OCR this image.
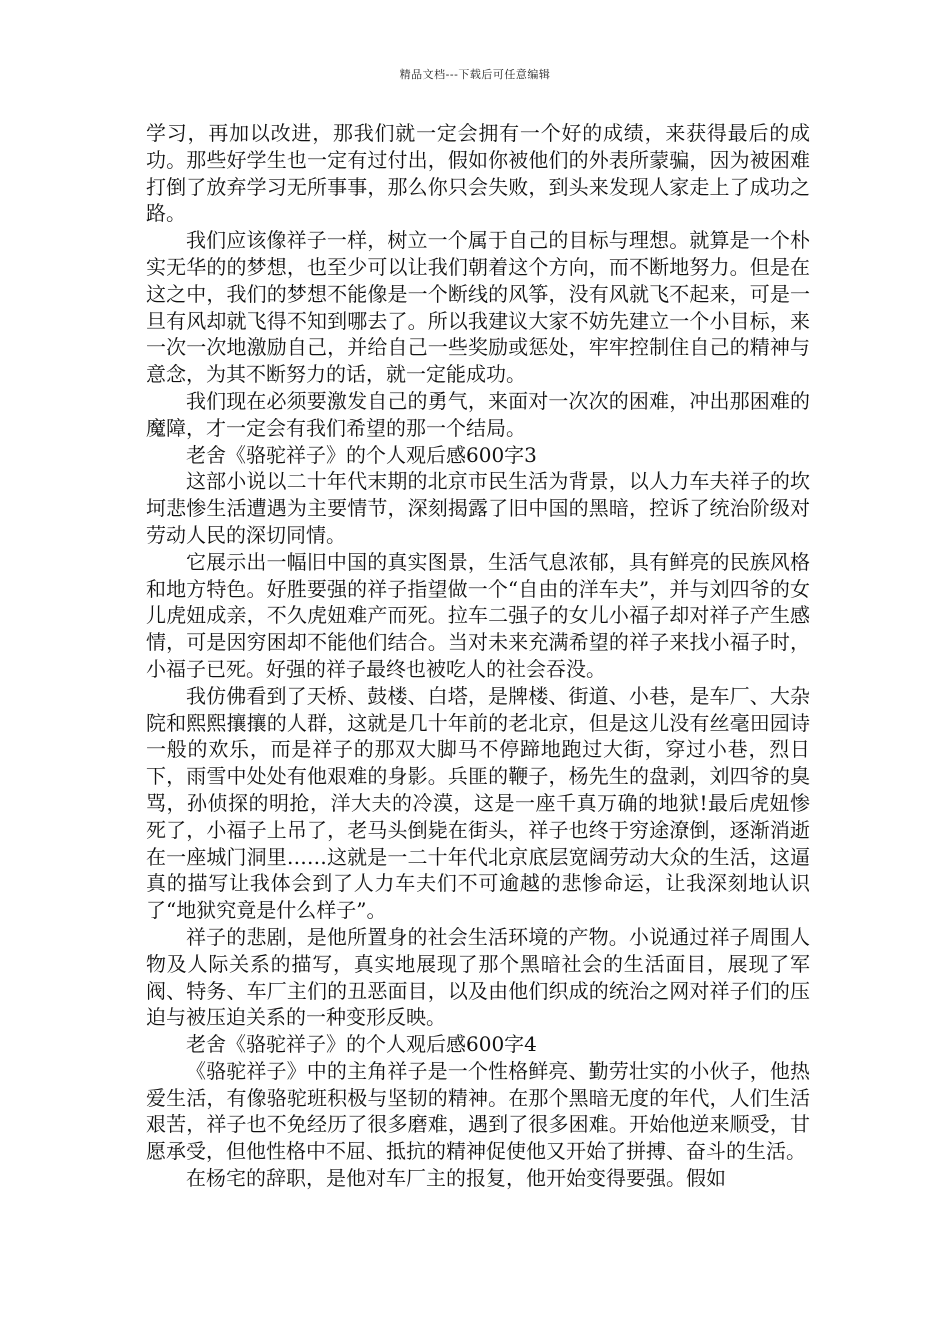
精品文档---下载后可任意编辑

学习，再加以改进，那我们就一定会拥有一个好的成绩，来获得最后的成功。那些好学生也一定有过付出，假如你被他们的外表所蒙骗，因为被困难打倒了放弃学习无所事事，那么你只会失败，到头来发现人家走上了成功之路。

我们应该像祥子一样，树立一个属于自己的目标与理想。就算是一个朴实无华的的梦想，也至少可以让我们朝着这个方向，而不断地努力。但是在这之中，我们的梦想不能像是一个断线的风筝，没有风就飞不起来，可是一旦有风却就飞得不知到哪去了。所以我建议大家不妨先建立一个小目标，来一次一次地激励自己，并给自己一些奖励或惩处，牢牢控制住自己的精神与意念，为其不断努力的话，就一定能成功。

我们现在必须要激发自己的勇气，来面对一次次的困难，冲出那困难的魔障，才一定会有我们希望的那一个结局。

老舍《骆驼祥子》的个人观后感600字3

这部小说以二十年代末期的北京市民生活为背景，以人力车夫祥子的坎坷悲惨生活遭遇为主要情节，深刻揭露了旧中国的黑暗，控诉了统治阶级对劳动人民的深切同情。

它展示出一幅旧中国的真实图景，生活气息浓郁，具有鲜亮的民族风格和地方特色。好胜要强的祥子指望做一个“自由的洋车夫”，并与刘四爷的女儿虎妞成亲，不久虎妞难产而死。拉车二强子的女儿小福子却对祥子产生感情，可是因穷困却不能他们结合。当对未来充满希望的祥子来找小福子时，小福子已死。好强的祥子最终也被吃人的社会吞没。

我仿佛看到了天桥、鼓楼、白塔，是牌楼、街道、小巷，是车厂、大杂院和熙熙攘攘的人群，这就是几十年前的老北京，但是这儿没有丝毫田园诗一般的欢乐，而是祥子的那双大脚马不停蹄地跑过大街，穿过小巷，烈日下，雨雪中处处有他艰难的身影。兵匪的鞭子，杨先生的盘剥，刘四爷的臭骂，孙侦探的明抢，洋大夫的冷漠，这是一座千真万确的地狱!最后虎妞惨死了，小福子上吊了，老马头倒毙在街头，祥子也终于穷途潦倒，逐渐消逝在一座城门洞里……这就是一二十年代北京底层宽阔劳动大众的生活，这逼真的描写让我体会到了人力车夫们不可逾越的悲惨命运，让我深刻地认识了“地狱究竟是什么样子”。

祥子的悲剧，是他所置身的社会生活环境的产物。小说通过祥子周围人物及人际关系的描写，真实地展现了那个黑暗社会的生活面目，展现了军阀、特务、车厂主们的丑恶面目，以及由他们织成的统治之网对祥子们的压迫与被压迫关系的一种变形反映。

老舍《骆驼祥子》的个人观后感600字4

《骆驼祥子》中的主角祥子是一个性格鲜亮、勤劳壮实的小伙子，他热爱生活，有像骆驼班积极与坚韧的精神。在那个黑暗无度的年代，人们生活艰苦，祥子也不免经历了很多磨难，遇到了很多困难。开始他逆来顺受，甘愿承受，但他性格中不屈、抵抗的精神促使他又开始了拼搏、奋斗的生活。

在杨宅的辞职，是他对车厂主的报复，他开始变得要强。假如
